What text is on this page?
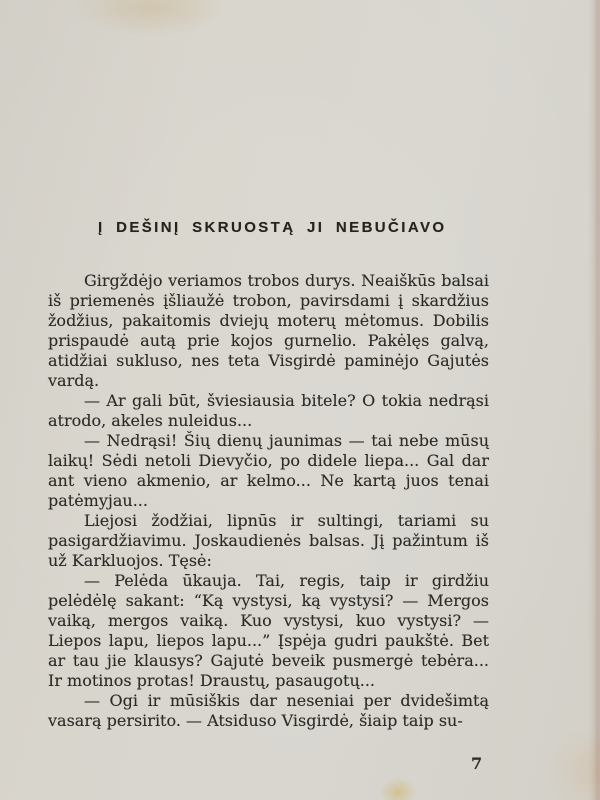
Į DEŠINĮ SKRUOSTĄ JI NEBUČIAVO

Girgždėjo veriamos trobos durys. Neaiškūs balsai iš priemenės įšliaužė trobon, pavirsdami į skardžius žodžius, pakaitomis dviejų moterų mėtomus. Dobilis prispaudė autą prie kojos gurnelio. Pakėlęs galvą, atidžiai sukluso, nes teta Visgirdė paminėjo Gajutės vardą.

— Ar gali būt, šviesiausia bitele? O tokia nedrąsi atrodo, akeles nuleidus...

— Nedrąsi! Šių dienų jaunimas — tai nebe mūsų laikų! Sėdi netoli Dievyčio, po didele liepa... Gal dar ant vieno akmenio, ar kelmo... Ne kartą juos tenai patėmyjau...

Liejosi žodžiai, lipnūs ir sultingi, tariami su pasigardžiavimu. Joskaudienės balsas. Jį pažintum iš už Karkluojos. Tęsė:

— Pelėda ūkauja. Tai, regis, taip ir girdžiu pelėdėlę sakant: “Ką vystysi, ką vystysi? — Mergos vaiką, mergos vaiką. Kuo vystysi, kuo vystysi? — Liepos lapu, liepos lapu...” Įspėja gudri paukštė. Bet ar tau jie klausys? Gajutė beveik pusmergė tebėra... Ir motinos protas! Draustų, pasaugotų...

— Ogi ir mūsiškis dar neseniai per dvidešimtą vasarą persirito. — Atsiduso Visgirdė, šiaip taip su-

7
